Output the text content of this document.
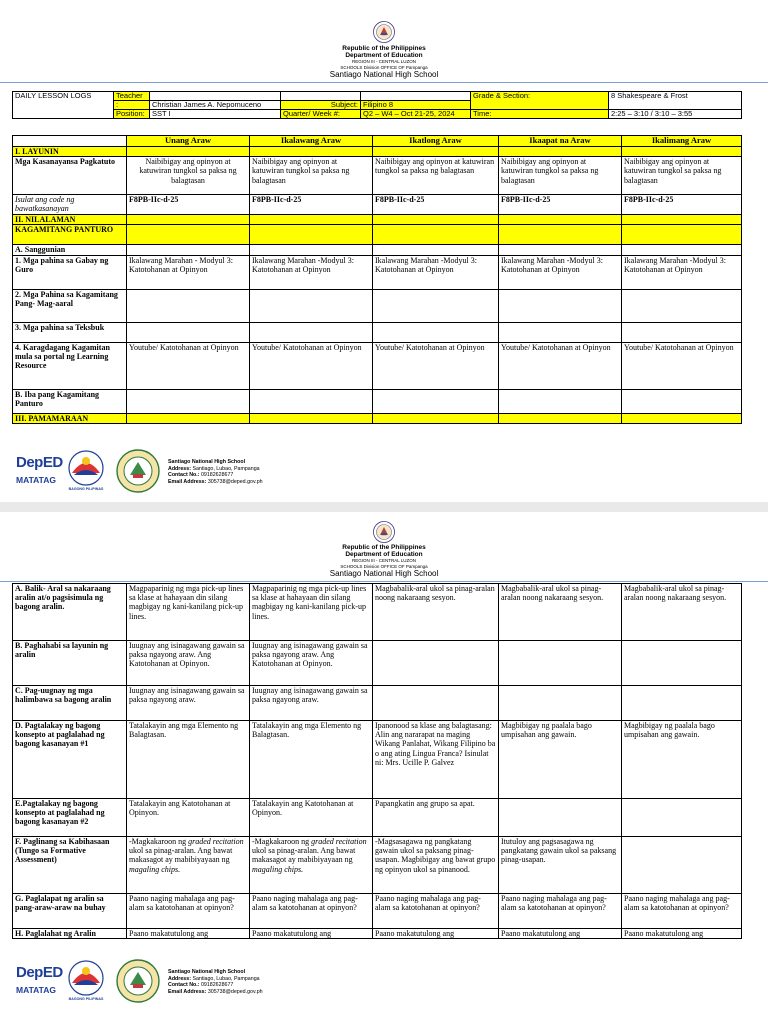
Republic of the Philippines
Department of Education
REGION III - CENTRAL LUZON
SCHOOLS Division OFFICE OF Pampanga
Santiago National High School
DAILY LESSON LOGS	Teacher				Grade & Section:	8 Shakespeare & Frost
	:	Christian James A. Nepomuceno	Subject:	Filipino 8		
	Position:	SST I	Quarter/ Week #:	Q2 – W4 – Oct 21-25, 2024	Time:	2:25 – 3:10 / 3:10 – 3:55
	Unang Araw	Ikalawang Araw	Ikatlong Araw	Ikaapat na Araw	Ikalimang Araw
I. LAYUNIN					
Mga Kasanayansa Pagkatuto	Naibibigay ang opinyon at katuwiran tungkol sa paksa ng balagtasan	Naibibigay ang opinyon at katuwiran tungkol sa paksa ng balagtasan	Naibibigay ang opinyon at katuwiran tungkol sa paksa ng balagtasan	Naibibigay ang opinyon at katuwiran tungkol sa paksa ng balagtasan	Naibibigay ang opinyon at katuwiran tungkol sa paksa ng balagtasan
Isulat ang code ng bawatkasanayan	F8PB-IIc-d-25	F8PB-IIc-d-25	F8PB-IIc-d-25	F8PB-IIc-d-25	F8PB-IIc-d-25
II. NILALAMAN					
KAGAMITANG PANTURO					
A. Sanggunian					
1. Mga pahina sa Gabay ng Guro	Ikalawang Marahan - Modyul 3: Katotohanan at Opinyon	Ikalawang Marahan -Modyul 3: Katotohanan at Opinyon	Ikalawang Marahan -Modyul 3: Katotohanan at Opinyon	Ikalawang Marahan -Modyul 3: Katotohanan at Opinyon	Ikalawang Marahan -Modyul 3: Katotohanan at Opinyon
2. Mga Pahina sa Kagamitang Pang- Mag-aaral					
3. Mga pahina sa Teksbuk					
4. Karagdagang Kagamitan mula sa portal ng Learning Resource	Youtube/ Katotohanan at Opinyon	Youtube/ Katotohanan at Opinyon	Youtube/ Katotohanan at Opinyon	Youtube/ Katotohanan at Opinyon	Youtube/ Katotohanan at Opinyon
B. Iba pang Kagamitang Panturo					
III. PAMAMARAAN					
DepED
MATATAG
BAGONG PILIPINAS
Santiago National High School
Address: Santiago, Lubao, Pampanga
Contact No.: 09182628677
Email Address: 305738@deped.gov.ph
Republic of the Philippines
Department of Education
REGION III - CENTRAL LUZON
SCHOOLS Division OFFICE OF Pampanga
Santiago National High School
A. Balik- Aral sa nakaraang aralin at/o pagsisimula ng bagong aralin.	Magpaparinig ng mga pick-up lines sa klase at hahayaan din silang magbigay ng kani-kanilang pick-up lines.	Magpaparinig ng mga pick-up lines sa klase at hahayaan din silang magbigay ng kani-kanilang pick-up lines.	Magbabalik-aral ukol sa pinag-aralan noong nakaraang sesyon.	Magbabalik-aral ukol sa pinag-aralan noong nakaraang sesyon.	Magbabalik-aral ukol sa pinag-aralan noong nakaraang sesyon.
B. Paghahabi sa layunin ng aralin	Iuugnay ang isinagawang gawain sa paksa ngayong araw. Ang Katotohanan at Opinyon.	Iuugnay ang isinagawang gawain sa paksa ngayong araw. Ang Katotohanan at Opinyon.			
C. Pag-uugnay ng mga halimbawa sa bagong aralin	Iuugnay ang isinagawang gawain sa paksa ngayong araw.	Iuugnay ang isinagawang gawain sa paksa ngayong araw.			
D. Pagtalakay ng bagong konsepto at paglalahad ng bagong kasanayan #1	Tatalakayin ang mga Elemento ng Balagtasan.	Tatalakayin ang mga Elemento ng Balagtasan.	Ipanonood sa klase ang balagtasang: Alin ang nararapat na maging Wikang Panlahat, Wikang Filipino ba o ang ating Lingua Franca? Isinulat ni: Mrs. Ucille P. Galvez	Magbibigay ng paalala bago umpisahan ang gawain.	Magbibigay ng paalala bago umpisahan ang gawain.
E.Pagtalakay ng bagong konsepto at paglalahad ng bagong kasanayan #2	Tatalakayin ang Katotohanan at Opinyon.	Tatalakayin ang Katotohanan at Opinyon.	Papangkatin ang grupo sa apat.		
F. Paglinang sa Kabihasaan (Tungo sa Formative Assessment)	-Magkakaroon ng graded recitation ukol sa pinag-aralan. Ang bawat makasagot ay mabibiyayaan ng magaling chips.	-Magkakaroon ng graded recitation ukol sa pinag-aralan. Ang bawat makasagot ay mabibiyayaan ng magaling chips.	-Magsasagawa ng pangkatang gawain ukol sa paksang pinag-usapan. Magbibigay ang bawat grupo ng opinyon ukol sa pinanood.	Itutuloy ang pagsasagawa ng pangkatang gawain ukol sa paksang pinag-usapan.	
G. Paglalapat ng aralin sa pang-araw-araw na buhay	Paano naging mahalaga ang pag-alam sa katotohanan at opinyon?	Paano naging mahalaga ang pag-alam sa katotohanan at opinyon?	Paano naging mahalaga ang pag-alam sa katotohanan at opinyon?	Paano naging mahalaga ang pag-alam sa katotohanan at opinyon?	Paano naging mahalaga ang pag-alam sa katotohanan at opinyon?
H. Paglalahat ng Aralin	Paano makatutulong ang	Paano makatutulong ang	Paano makatutulong ang	Paano makatutulong ang	Paano makatutulong ang
DepED
MATATAG
BAGONG PILIPINAS
Santiago National High School
Address: Santiago, Lubao, Pampanga
Contact No.: 09182628677
Email Address: 305738@deped.gov.ph
